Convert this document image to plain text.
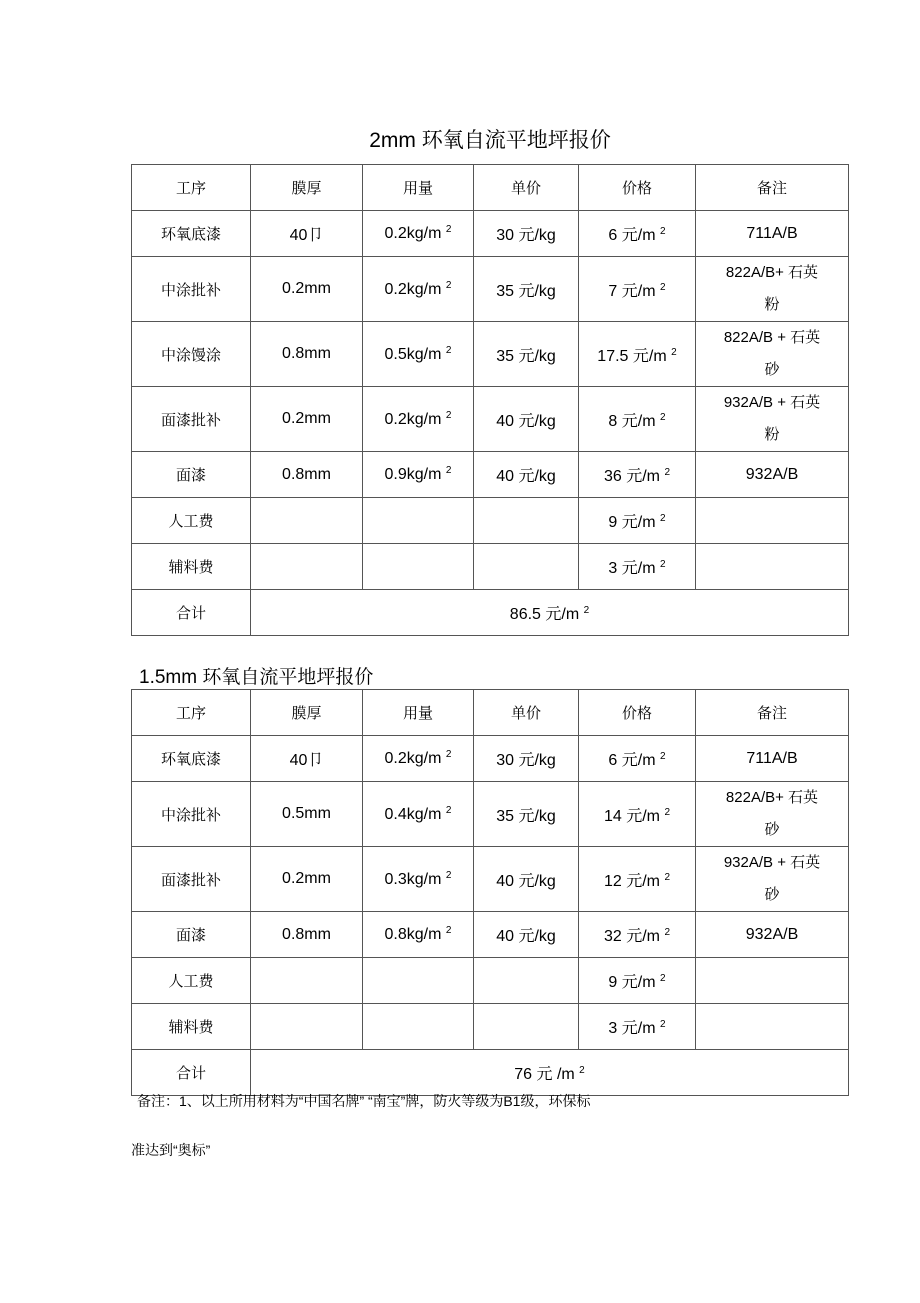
2mm 环氧自流平地坪报价
工序	膜厚	用量	单价	价格	备注
环氧底漆	40卩	0.2kg/m $^2$	30 元/kg	6 元/m $^2$	711A/B
中涂批补	0.2mm	0.2kg/m $^2$	35 元/kg	7 元/m $^2$	822A/B+ 石英
粉

中涂馒涂	0.8mm	0.5kg/m $^2$	35 元/kg	17.5 元/m $^2$	822A/B + 石英
砂

面漆批补	0.2mm	0.2kg/m $^2$	40 元/kg	8 元/m $^2$	932A/B + 石英
粉

面漆	0.8mm	0.9kg/m $^2$	40 元/kg	36 元/m $^2$	932A/B
人工费				9 元/m $^2$	
辅料费				3 元/m $^2$	
合计	86.5 元/m $^2$
1.5mm 环氧自流平地坪报价
工序	膜厚	用量	单价	价格	备注
环氧底漆	40卩	0.2kg/m $^2$	30 元/kg	6 元/m $^2$	711A/B
中涂批补	0.5mm	0.4kg/m $^2$	35 元/kg	14 元/m $^2$	822A/B+ 石英
砂

面漆批补	0.2mm	0.3kg/m $^2$	40 元/kg	12 元/m $^2$	932A/B + 石英
砂

面漆	0.8mm	0.8kg/m $^2$	40 元/kg	32 元/m $^2$	932A/B
人工费				9 元/m $^2$	
辅料费				3 元/m $^2$	
合计	76 元 /m $^2$
备注：1、以上所用材料为“中国名牌” “南宝”牌，防火等级为B1级，环保标
准达到“奥标”
